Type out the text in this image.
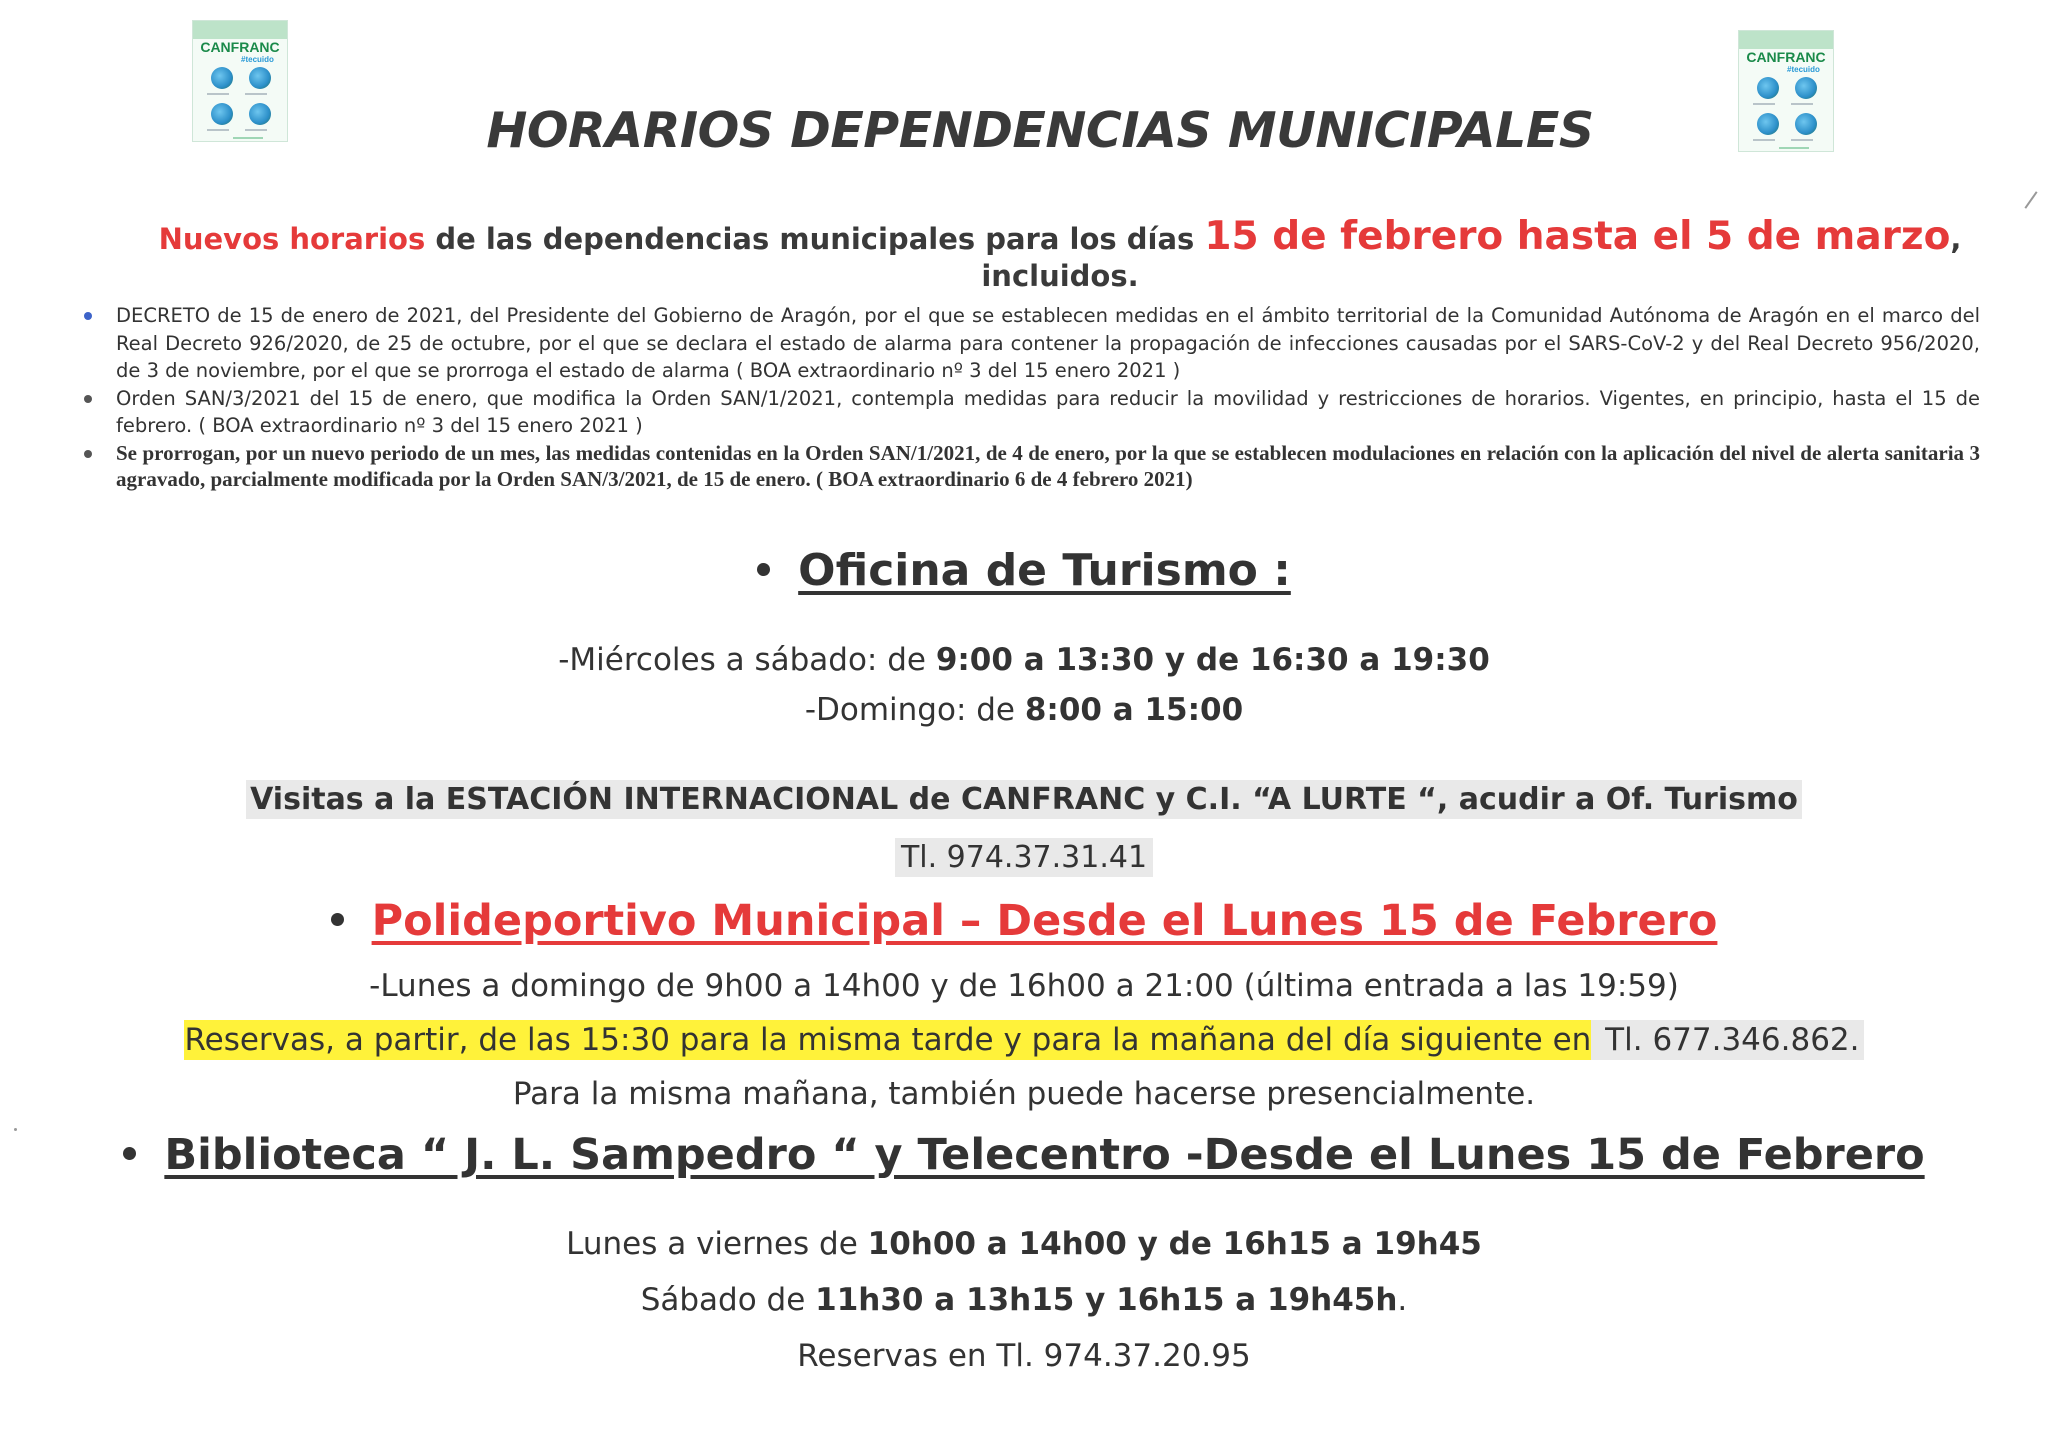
CANFRANC
#tecuido	CANFRANC
#tecuido
HORARIOS DEPENDENCIAS MUNICIPALES
Nuevos horarios de las dependencias municipales para los días 15 de febrero hasta el 5 de marzo, incluidos.
DECRETO de 15 de enero de 2021, del Presidente del Gobierno de Aragón, por el que se establecen medidas en el ámbito territorial de la Comunidad Autónoma de Aragón en el marco del Real Decreto 926/2020, de 25 de octubre, por el que se declara el estado de alarma para contener la propagación de infecciones causadas por el SARS-CoV-2 y del Real Decreto 956/2020, de 3 de noviembre, por el que se prorroga el estado de alarma ( BOA extraordinario nº 3 del 15 enero 2021 )
Orden SAN/3/2021 del 15 de enero, que modifica la Orden SAN/1/2021, contempla medidas para reducir la movilidad y restricciones de horarios. Vigentes, en principio, hasta el 15 de febrero. ( BOA extraordinario nº 3 del 15 enero 2021 )
Se prorrogan, por un nuevo periodo de un mes, las medidas contenidas en la Orden SAN/1/2021, de 4 de enero, por la que se establecen modulaciones en relación con la aplicación del nivel de alerta sanitaria 3 agravado, parcialmente modificada por la Orden SAN/3/2021, de 15 de enero. ( BOA extraordinario 6 de 4 febrero 2021)
Oficina de Turismo :
-Miércoles a sábado: de 9:00 a 13:30 y de 16:30 a 19:30
-Domingo: de 8:00 a 15:00
Visitas a la ESTACIÓN INTERNACIONAL de CANFRANC y C.I. “A LURTE “, acudir a Of. Turismo
Tl. 974.37.31.41
Polideportivo Municipal – Desde el Lunes 15 de Febrero
-Lunes a domingo de 9h00 a 14h00 y de 16h00 a 21:00 (última entrada a las 19:59)
Reservas, a partir, de las 15:30 para la misma tarde y para la mañana del día siguiente en Tl. 677.346.862.
Para la misma mañana, también puede hacerse presencialmente.
Biblioteca “ J. L. Sampedro “ y Telecentro -Desde el Lunes 15 de Febrero
Lunes a viernes de 10h00 a 14h00 y de 16h15 a 19h45
Sábado de 11h30 a 13h15 y 16h15 a 19h45h.
Reservas en Tl. 974.37.20.95
